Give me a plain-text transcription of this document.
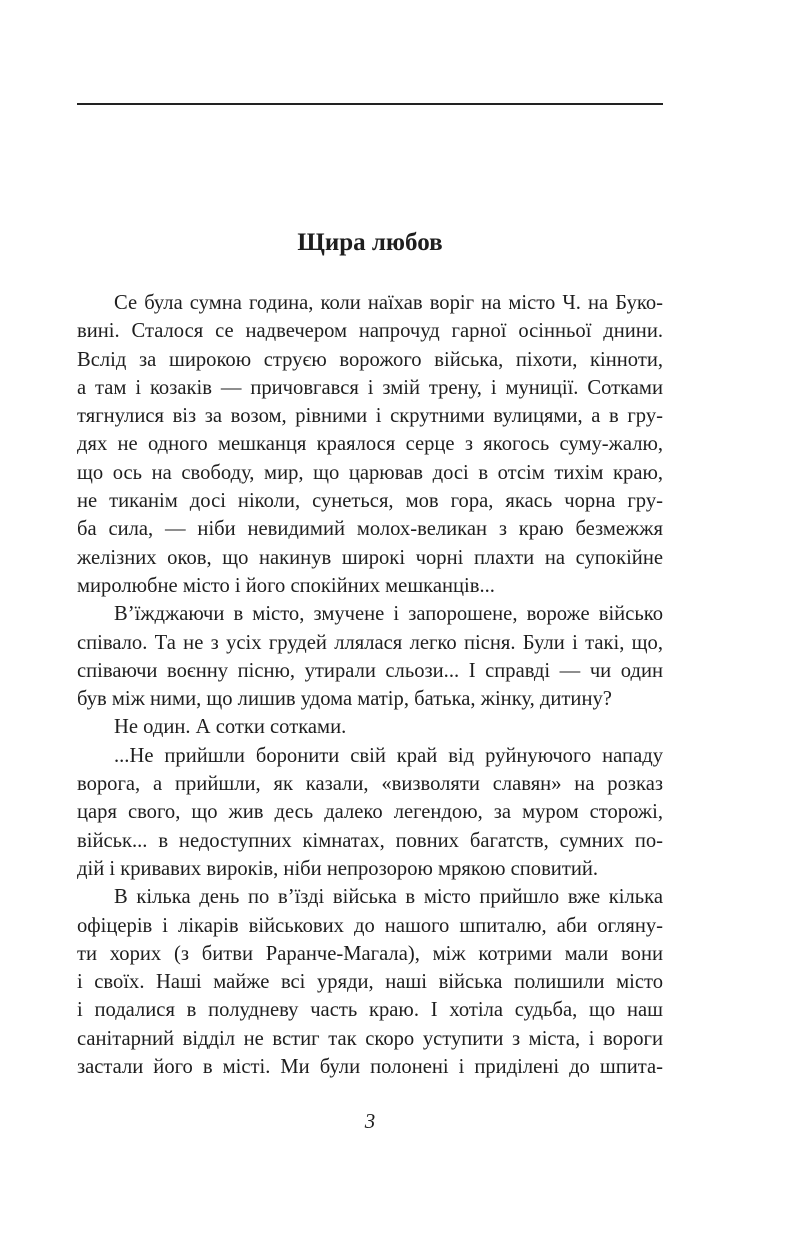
Щира любов
Се була сумна година, коли наїхав воріг на місто Ч. на Буко-
вині. Сталося се надвечером напрочуд гарної осінньої днини.
Вслід за широкою струєю ворожого війська, піхоти, кінноти,
а там і козаків — причовгався і змій трену, і муниції. Сотками
тягнулися віз за возом, рівними і скрутними вулицями, а в гру-
дях не одного мешканця краялося серце з якогось суму-жалю,
що ось на свободу, мир, що царював досі в отсім тихім краю,
не тиканім досі ніколи, сунеться, мов гора, якась чорна гру-
ба сила, — ніби невидимий молох-великан з краю безмежжя
желізних оков, що накинув широкі чорні плахти на супокійне
миролюбне місто і його спокійних мешканців...
В’їжджаючи в місто, змучене і запорошене, вороже військо
співало. Та не з усіх грудей ллялася легко пісня. Були і такі, що,
співаючи воєнну пісню, утирали сльози... І справді — чи один
був між ними, що лишив удома матір, батька, жінку, дитину?
Не один. А сотки сотками.
...Не прийшли боронити свій край від руйнуючого нападу
ворога, а прийшли, як казали, «визволяти славян» на розказ
царя свого, що жив десь далеко легендою, за муром сторожі,
військ... в недоступних кімнатах, повних багатств, сумних по-
дій і кривавих вироків, ніби непрозорою мрякою сповитий.
В кілька день по в’їзді війська в місто прийшло вже кілька
офіцерів і лікарів військових до нашого шпиталю, аби огляну-
ти хорих (з битви Раранче-Магала), між котрими мали вони
і своїх. Наші майже всі уряди, наші війська полишили місто
і подалися в полудневу часть краю. І хотіла судьба, що наш
санітарний відділ не встиг так скоро уступити з міста, і вороги
застали його в місті. Ми були полонені і приділені до шпита-
3
